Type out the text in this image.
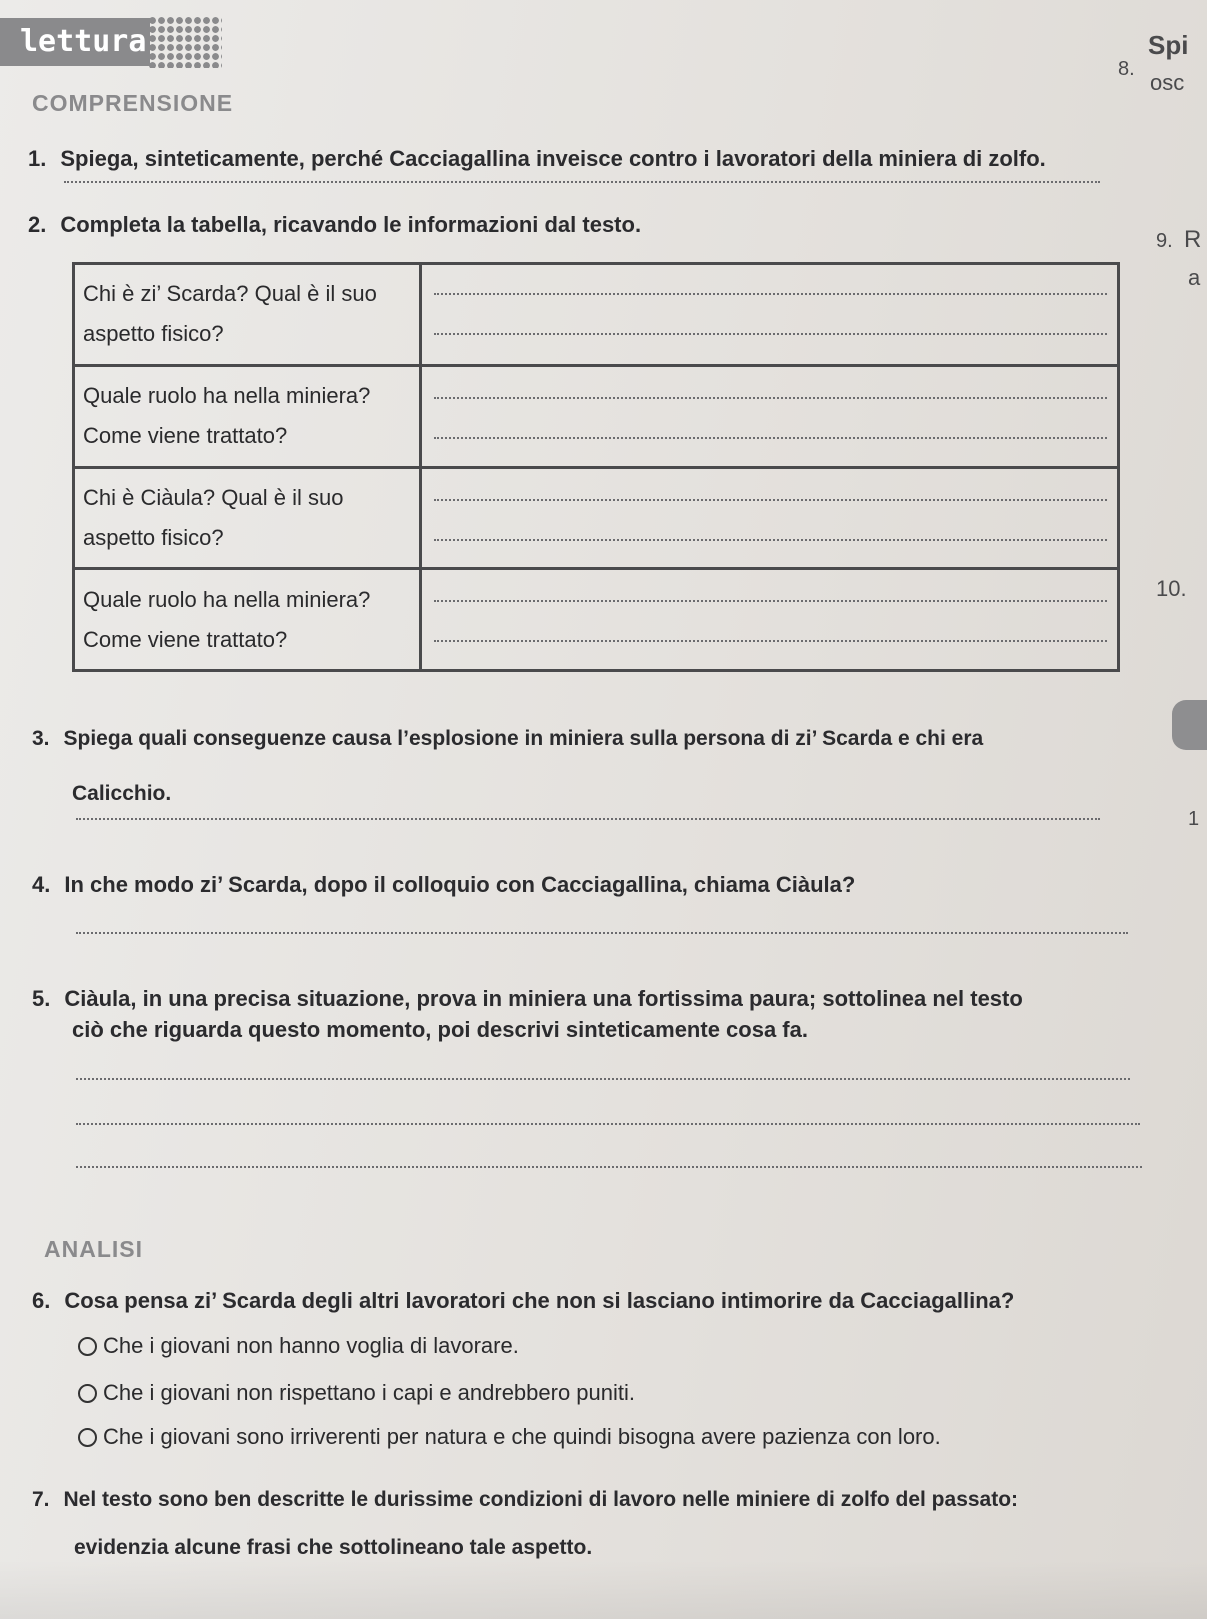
lettura
8.
Spi
osc
9. R
a
10.
1
COMPRENSIONE
1. Spiega, sinteticamente, perché Cacciagallina inveisce contro i lavoratori della miniera di zolfo.
2. Completa la tabella, ricavando le informazioni dal testo.
Chi è zi’ Scarda? Qual è il suo
aspetto fisico?	

Quale ruolo ha nella miniera?
Come viene trattato?	

Chi è Ciàula? Qual è il suo
aspetto fisico?	

Quale ruolo ha nella miniera?
Come viene trattato?	

3. Spiega quali conseguenze causa l’esplosione in miniera sulla persona di zi’ Scarda e chi era
Calicchio.
4. In che modo zi’ Scarda, dopo il colloquio con Cacciagallina, chiama Ciàula?
5. Ciàula, in una precisa situazione, prova in miniera una fortissima paura; sottolinea nel testo
ciò che riguarda questo momento, poi descrivi sinteticamente cosa fa.
ANALISI
6. Cosa pensa zi’ Scarda degli altri lavoratori che non si lasciano intimorire da Cacciagallina?
Che i giovani non hanno voglia di lavorare.
Che i giovani non rispettano i capi e andrebbero puniti.
Che i giovani sono irriverenti per natura e che quindi bisogna avere pazienza con loro.
7. Nel testo sono ben descritte le durissime condizioni di lavoro nelle miniere di zolfo del passato:
evidenzia alcune frasi che sottolineano tale aspetto.
